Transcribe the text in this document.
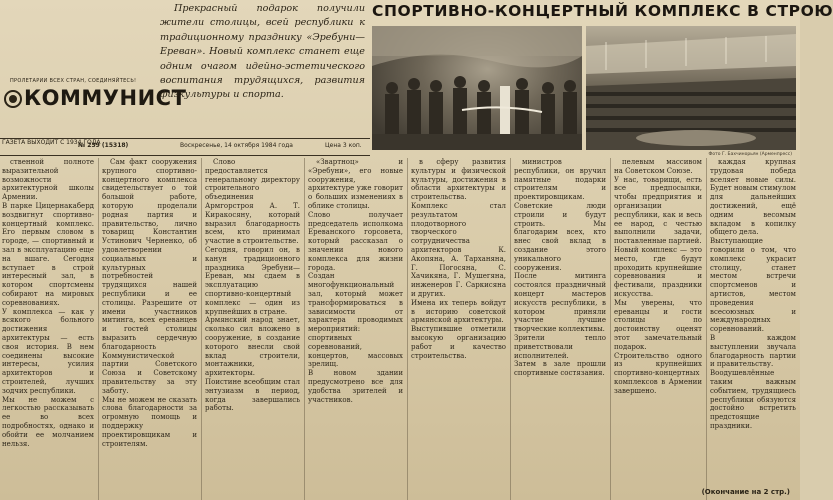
ПРОЛЕТАРИИ ВСЕХ СТРАН, СОЕДИНЯЙТЕСЬ!
КОММУНИСТ
ГАЗЕТА ВЫХОДИТ С 1934 ГОДА
№ 239 (15318)	Воскресенье, 14 октября 1984 года	Цена 3 коп.
Прекрасный подарок получили жители столицы, всей республики к традиционному празднику «Эребуни—Ереван». Новый комплекс станет еще одним очагом идейно-эстетического воспитания трудящихся, развития физкультуры и спорта.
СПОРТИВНО-КОНЦЕРТНЫЙ КОМПЛЕКС В СТРОЮ
Фото Г. Бахчинорьян (Арменпресс)
ственной полноте выразительной возможности архитектурной школы Армении.
В парке Цицернакаберд воздвигнут спортивно-концертный комплекс. Его первым словом в городе, — спортивный и зал в эксплуатацию еще на вшаге. Сегодня вступает в строй интересный зал, в котором спортсмены собирают на мировых соревнованиях.
У комплекса — как у всякого больного достижения архитектуры — есть своя история. В нем соединены высокие интересы, усилия архитекторов и строителей, лучших зодчих республики.
Мы не можем с легкостью рассказывать ее во всех подробностях, однако и обойти ее молчанием нельзя.
Сам факт сооружения крупного спортивно-концертного комплекса свидетельствует о той большой работе, которую проделали родная партия и правительство, лично товарищ Константин Устинович Черненко, об удовлетворении социальных и культурных потребностей трудящихся нашей республики и ее столицы. Разрешите от имени участников митинга, всех ереванцев и гостей столицы выразить сердечную благодарность Коммунистической партии Советского Союза и Советскому правительству за эту заботу.
Мы не можем не сказать слова благодарности за огромную помощь и поддержку проектировщикам и строителям.
Слово предоставляется генеральному директору строительного объединения Армгорстроя А. Т. Киракосяну, который выразил благодарность всем, кто принимал участие в строительстве.
Сегодня, говорил он, в канун традиционного праздника Эребуни—Ереван, мы сдаем в эксплуатацию спортивно-концертный комплекс — один из крупнейших в стране.
Армянский народ знает, сколько сил вложено в сооружение, в создание которого внесли свой вклад строители, монтажники, архитекторы.
Поистине всеобщим стал энтузиазм в период, когда завершались работы.
«Звартноц» и «Эребуни», его новые сооружения, архитектуре уже говорит о больших изменениях в облике столицы.
Слово получает председатель исполкома Ереванского горсовета, который рассказал о значении нового комплекса для жизни города.
Создан многофункциональный зал, который может трансформироваться в зависимости от характера проводимых мероприятий: спортивных соревнований, концертов, массовых зрелищ.
В новом здании предусмотрено все для удобства зрителей и участников.
в сферу развития культуры и физической культуры, достижения в области архитектуры и строительства.
Комплекс стал результатом плодотворного творческого сотрудничества архитекторов К. Акопяна, А. Тарханяна, Г. Погосяна, С. Хачикяна, Г. Мушегяна, инженеров Г. Саркисяна и других.
Имена их теперь войдут в историю советской армянской архитектуры.
Выступившие отметили высокую организацию работ и качество строительства.
министров республики, он вручил памятные подарки строителям и проектировщикам.
Советские люди строили и будут строить. Мы благодарим всех, кто внес свой вклад в создание этого уникального сооружения.
После митинга состоялся праздничный концерт мастеров искусств республики, в котором приняли участие лучшие творческие коллективы.
Зрители тепло приветствовали исполнителей.
Затем в зале прошли спортивные состязания.
пелевым массивом на Советском Союзе.
У нас, товарищи, есть все предпосылки, чтобы предприятия и организации республики, как и весь ее народ, с честью выполнили задачи, поставленные партией.
Новый комплекс — это место, где будут проходить крупнейшие соревнования и фестивали, праздники искусства.
Мы уверены, что ереванцы и гости столицы по достоинству оценят этот замечательный подарок.
Строительство одного из крупнейших спортивно-концертных комплексов в Армении завершено.
каждая крупная трудовая победа вселяет новые силы. Будет новым стимулом для дальнейших достижений, ещё одним весомым вкладом в копилку общего дела.
Выступающие говорили о том, что комплекс украсит столицу, станет местом встречи спортсменов и артистов, местом проведения всесоюзных и международных соревнований.
В каждом выступлении звучала благодарность партии и правительству.
Воодушевлённые таким важным событием, трудящиесь республики обязуются достойно встретить предстоящие праздники.
(Окончание на 2 стр.)
